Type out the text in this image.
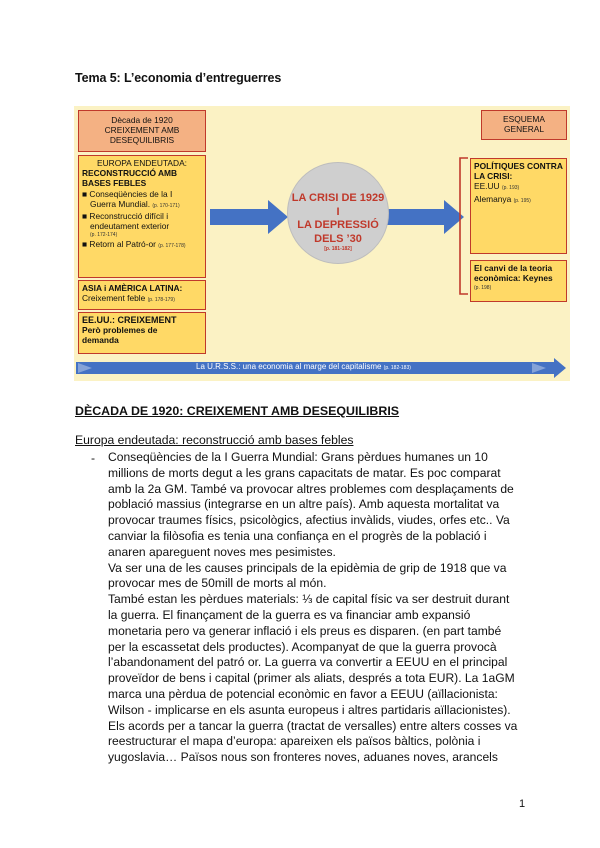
Tema 5: L’economia d’entreguerres
Dècada de 1920
CREIXEMENT AMB
DESEQUILIBRIS
EUROPA ENDEUTADA:
RECONSTRUCCIÓ AMB
BASES FEBLES
■ Conseqüències de la I
Guerra Mundial. (p. 170-171)
■ Reconstrucció difícil i
endeutament exterior
(p. 172-174)
■ Retorn al Patró-or (p. 177-178)
ASIA i AMÈRICA LATINA:
Creixement feble (p. 178-179)
EE.UU.: CREIXEMENT
Però problemes de
demanda
LA CRISI DE 1929
I
LA DEPRESSIÓ
DELS ’30
[p. 181-182]
ESQUEMA
GENERAL
POLÍTIQUES CONTRA
LA CRISI:
EE.UU (p. 193)
Alemanya (p. 195)
El canvi de la teoria
econòmica: Keynes
(p. 198)
La U.R.S.S.: una economia al marge del capitalisme (p. 182-183)
DÈCADA DE 1920: CREIXEMENT AMB DESEQUILIBRIS
Europa endeutada: reconstrucció amb bases febles
- Conseqüències de la I Guerra Mundial: Grans pèrdues humanes un 10 millions de morts degut a les grans capacitats de matar. Es poc comparat amb la 2a GM. També va provocar altres problemes com desplaçaments de població massius (integrarse en un altre país). Amb aquesta mortalitat va provocar traumes físics, psicològics, afectius invàlids, viudes, orfes etc.. Va canviar la filòsofia es tenia una confiança en el progrès de la població i anaren apareguent noves mes pesimistes.

Va ser una de les causes principals de la epidèmia de grip de 1918 que va provocar mes de 50mill de morts al món.

També estan les pèrdues materials: ⅓ de capital físic va ser destruit durant la guerra. El finançament de la guerra es va financiar amb expansió monetaria pero va generar inflació i els preus es disparen. (en part també per la escassetat dels productes). Acompanyat de que la guerra provocà l’abandonament del patró or. La guerra va convertir a EEUU en el principal proveïdor de bens i capital (primer als aliats, després a tota EUR). La 1aGM marca una pèrdua de potencial econòmic en favor a EEUU (aïllacionista: Wilson - implicarse en els asunta europeus i altres partidaris aïllacionistes). Els acords per a tancar la guerra (tractat de versalles) entre alters cosses va reestructurar el mapa d’europa: apareixen els països bàltics, polònia i yugoslavia… Països nous son fronteres noves, aduanes noves, arancels

1
